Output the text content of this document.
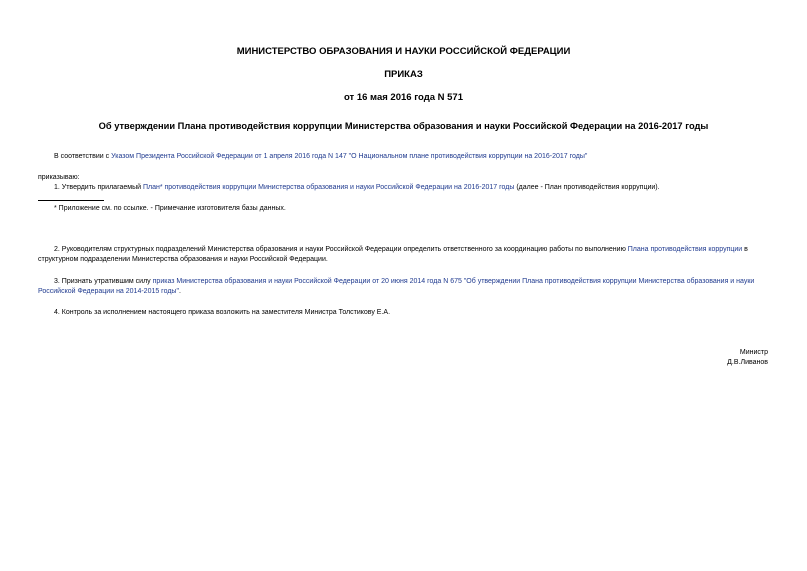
МИНИСТЕРСТВО ОБРАЗОВАНИЯ И НАУКИ РОССИЙСКОЙ ФЕДЕРАЦИИ
ПРИКАЗ
от 16 мая 2016 года N 571
Об утверждении Плана противодействия коррупции Министерства образования и науки Российской Федерации на 2016-2017 годы
В соответствии с Указом Президента Российской Федерации от 1 апреля 2016 года N 147 "О Национальном плане противодействия коррупции на 2016-2017 годы"
приказываю:
1. Утвердить прилагаемый План* противодействия коррупции Министерства образования и науки Российской Федерации на 2016-2017 годы (далее - План противодействия коррупции).
* Приложение см. по ссылке. - Примечание изготовителя базы данных.
2. Руководителям структурных подразделений Министерства образования и науки Российской Федерации определить ответственного за координацию работы по выполнению Плана противодействия коррупции в
структурном подразделении Министерства образования и науки Российской Федерации.
3. Признать утратившим силу приказ Министерства образования и науки Российской Федерации от 20 июня 2014 года N 675 "Об утверждении Плана противодействия коррупции Министерства образования и науки
Российской Федерации на 2014-2015 годы".
4. Контроль за исполнением настоящего приказа возложить на заместителя Министра Толстикову Е.А.
Министр
Д.В.Ливанов
